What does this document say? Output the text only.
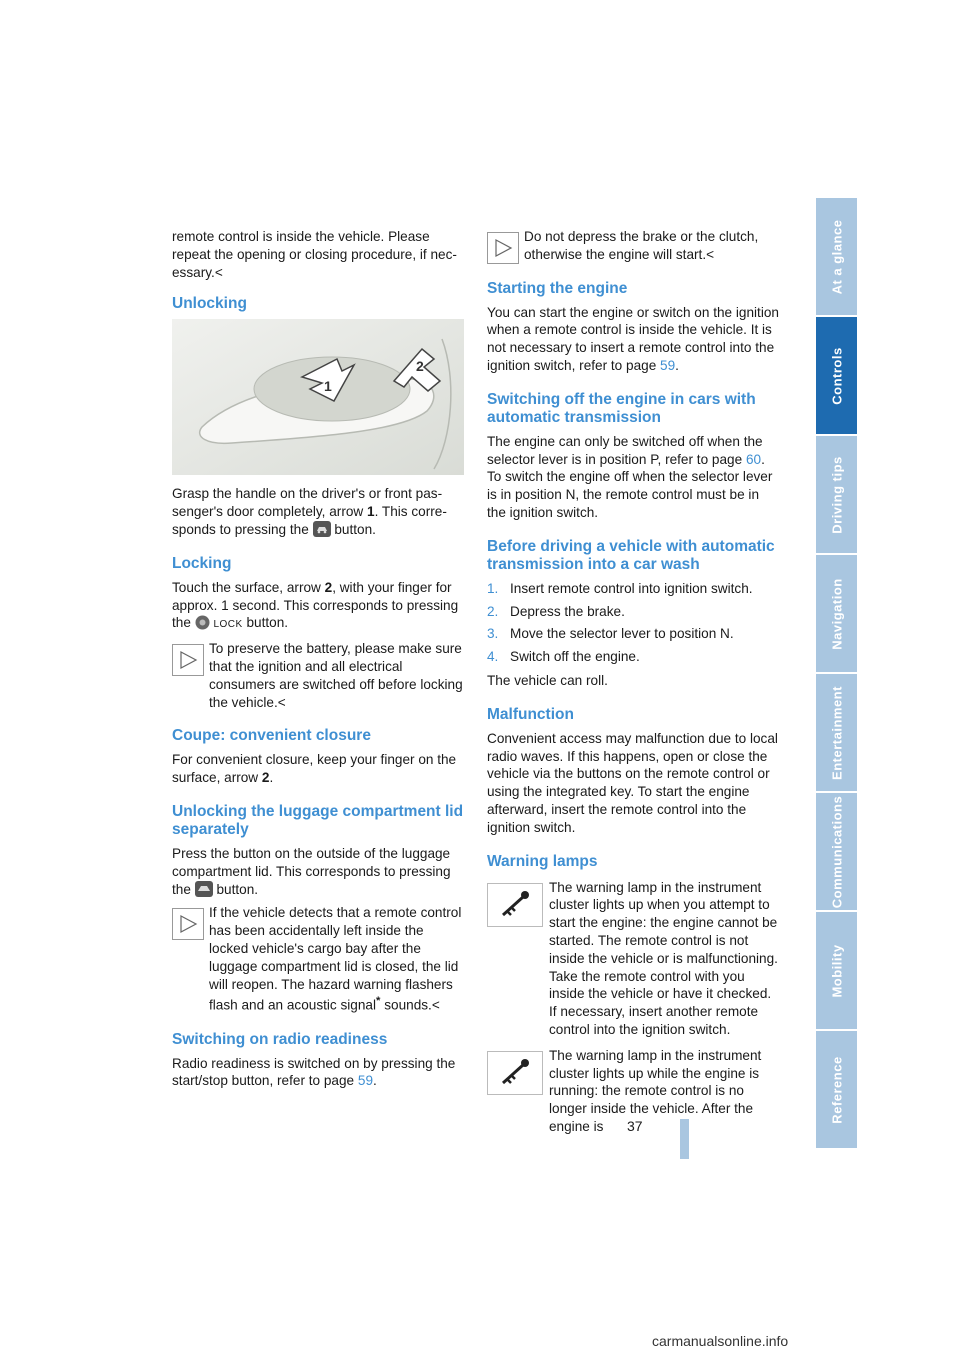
remote control is inside the vehicle. Please repeat the opening or closing procedure, if necessary.<

Unlocking
1
2

Grasp the handle on the driver's or front passenger's door completely, arrow 1. This corresponds to pressing the  button.

Locking

Touch the surface, arrow 2, with your finger for approx. 1 second. This corresponds to pressing the  LOCK button.

To preserve the battery, please make sure that the ignition and all electrical consumers are switched off before locking the vehicle.<
Coupe: convenient closure

For convenient closure, keep your finger on the surface, arrow 2.

Unlocking the luggage compartment lid separately

Press the button on the outside of the luggage compartment lid. This corresponds to pressing the  button.

If the vehicle detects that a remote control has been accidentally left inside the locked vehicle's cargo bay after the luggage compartment lid is closed, the lid will reopen. The hazard warning flashers flash and an acoustic signal* sounds.<
Switching on radio readiness

Radio readiness is switched on by pressing the start/stop button, refer to page 59.

Do not depress the brake or the clutch, otherwise the engine will start.<
Starting the engine

You can start the engine or switch on the ignition when a remote control is inside the vehicle. It is not necessary to insert a remote control into the ignition switch, refer to page 59.

Switching off the engine in cars with automatic transmission

The engine can only be switched off when the selector lever is in position P, refer to page 60. To switch the engine off when the selector lever is in position N, the remote control must be in the ignition switch.

Before driving a vehicle with automatic transmission into a car wash
1. Insert remote control into ignition switch.
2. Depress the brake.
3. Move the selector lever to position N.
4. Switch off the engine.

The vehicle can roll.

Malfunction

Convenient access may malfunction due to local radio waves. If this happens, open or close the vehicle via the buttons on the remote control or using the integrated key. To start the engine afterward, insert the remote control into the ignition switch.

Warning lamps
The warning lamp in the instrument cluster lights up when you attempt to start the engine: the engine cannot be started. The remote control is not inside the vehicle or is malfunctioning. Take the remote control with you inside the vehicle or have it checked. If necessary, insert another remote control into the ignition switch.
The warning lamp in the instrument cluster lights up while the engine is running: the remote control is no longer inside the vehicle. After the engine is
At a glance
Controls
Driving tips
Navigation
Entertainment
Communications
Mobility
Reference
37
carmanualsonline.info
